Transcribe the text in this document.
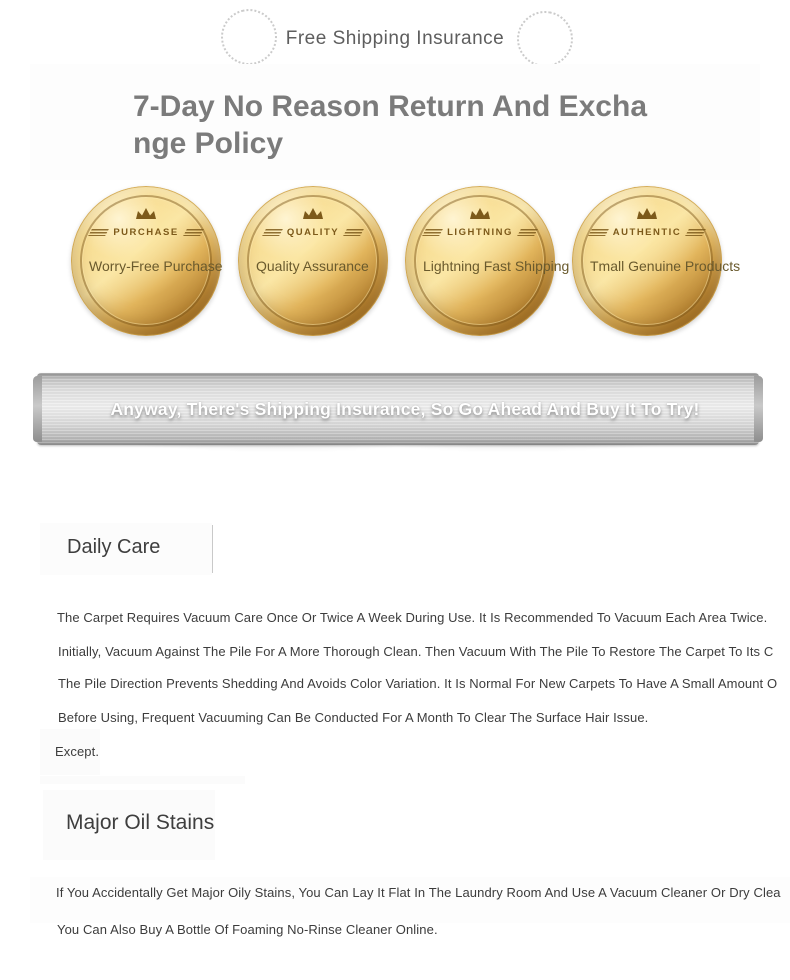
Free Shipping Insurance
7-Day No Reason Return And Exchange Policy
PURCHASE
Worry-Free Purchase
QUALITY
Quality Assurance
LIGHTNING
Lightning Fast Shipping
AUTHENTIC
Tmall Genuine Products
Anyway, There's Shipping Insurance, So Go Ahead And Buy It To Try!
Daily Care
The Carpet Requires Vacuum Care Once Or Twice A Week During Use. It Is Recommended To Vacuum Each Area Twice.
Initially, Vacuum Against The Pile For A More Thorough Clean. Then Vacuum With The Pile To Restore The Carpet To Its C
The Pile Direction Prevents Shedding And Avoids Color Variation. It Is Normal For New Carpets To Have A Small Amount O
Before Using, Frequent Vacuuming Can Be Conducted For A Month To Clear The Surface Hair Issue.
Except.
Major Oil Stains
If You Accidentally Get Major Oily Stains, You Can Lay It Flat In The Laundry Room And Use A Vacuum Cleaner Or Dry Clea
You Can Also Buy A Bottle Of Foaming No-Rinse Cleaner Online.
